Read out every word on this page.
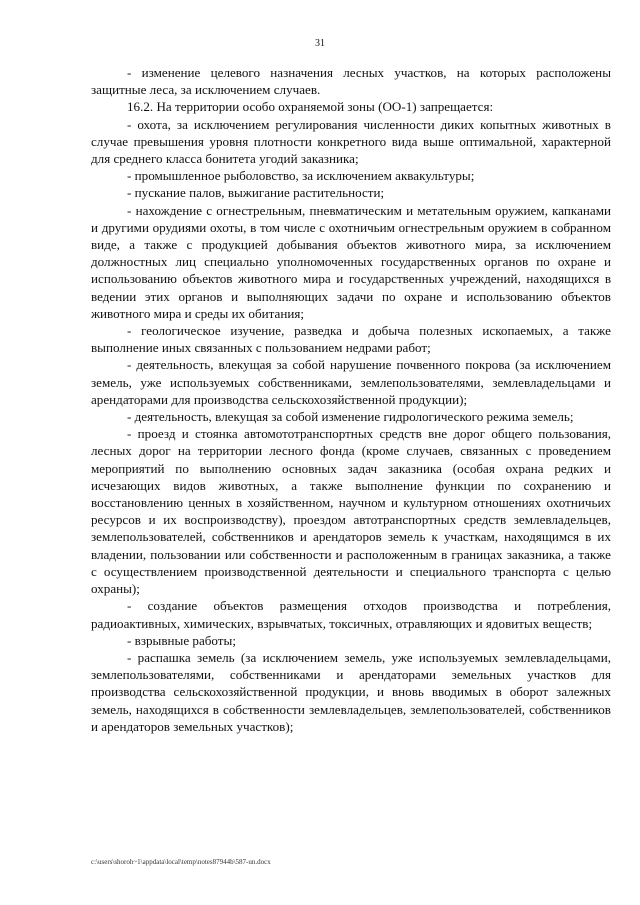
31

- изменение целевого назначения лесных участков, на которых расположены защитные леса, за исключением случаев.

16.2. На территории особо охраняемой зоны (ОО-1) запрещается:

- охота, за исключением регулирования численности диких копытных животных в случае превышения уровня плотности конкретного вида выше оптимальной, характерной для среднего класса бонитета угодий заказника;

- промышленное рыболовство, за исключением аквакультуры;

- пускание палов, выжигание растительности;

- нахождение с огнестрельным, пневматическим и метательным оружием, капканами и другими орудиями охоты, в том числе с охотничьим огнестрельным оружием в собранном виде, а также с продукцией добывания объектов животного мира, за исключением должностных лиц специально уполномоченных государственных органов по охране и использованию объектов животного мира и государственных учреждений, находящихся в ведении этих органов и выполняющих задачи по охране и использованию объектов животного мира и среды их обитания;

- геологическое изучение, разведка и добыча полезных ископаемых, а также выполнение иных связанных с пользованием недрами работ;

- деятельность, влекущая за собой нарушение почвенного покрова (за исключением земель, уже используемых собственниками, землепользователями, землевладельцами и арендаторами для производства сельскохозяйственной продукции);

- деятельность, влекущая за собой изменение гидрологического режима земель;

- проезд и стоянка автомототранспортных средств вне дорог общего пользования, лесных дорог на территории лесного фонда (кроме случаев, связанных с проведением мероприятий по выполнению основных задач заказника (особая охрана редких и исчезающих видов животных, а также выполнение функции по сохранению и восстановлению ценных в хозяйственном, научном и культурном отношениях охотничьих ресурсов и их воспроизводству), проездом автотранспортных средств землевладельцев, землепользователей, собственников и арендаторов земель к участкам, находящимся в их владении, пользовании или собственности и расположенным в границах заказника, а также с осуществлением производственной деятельности и специального транспорта с целью охраны);

- создание объектов размещения отходов производства и потребления, радиоактивных, химических, взрывчатых, токсичных, отравляющих и ядовитых веществ;

- взрывные работы;

- распашка земель (за исключением земель, уже используемых землевладельцами, землепользователями, собственниками и арендаторами земельных участков для производства сельскохозяйственной продукции, и вновь вводимых в оборот залежных земель, находящихся в собственности землевладельцев, землепользователей, собственников и арендаторов земельных участков);

c:\users\shoroh~1\appdata\local\temp\notes87944b\587-un.docx
